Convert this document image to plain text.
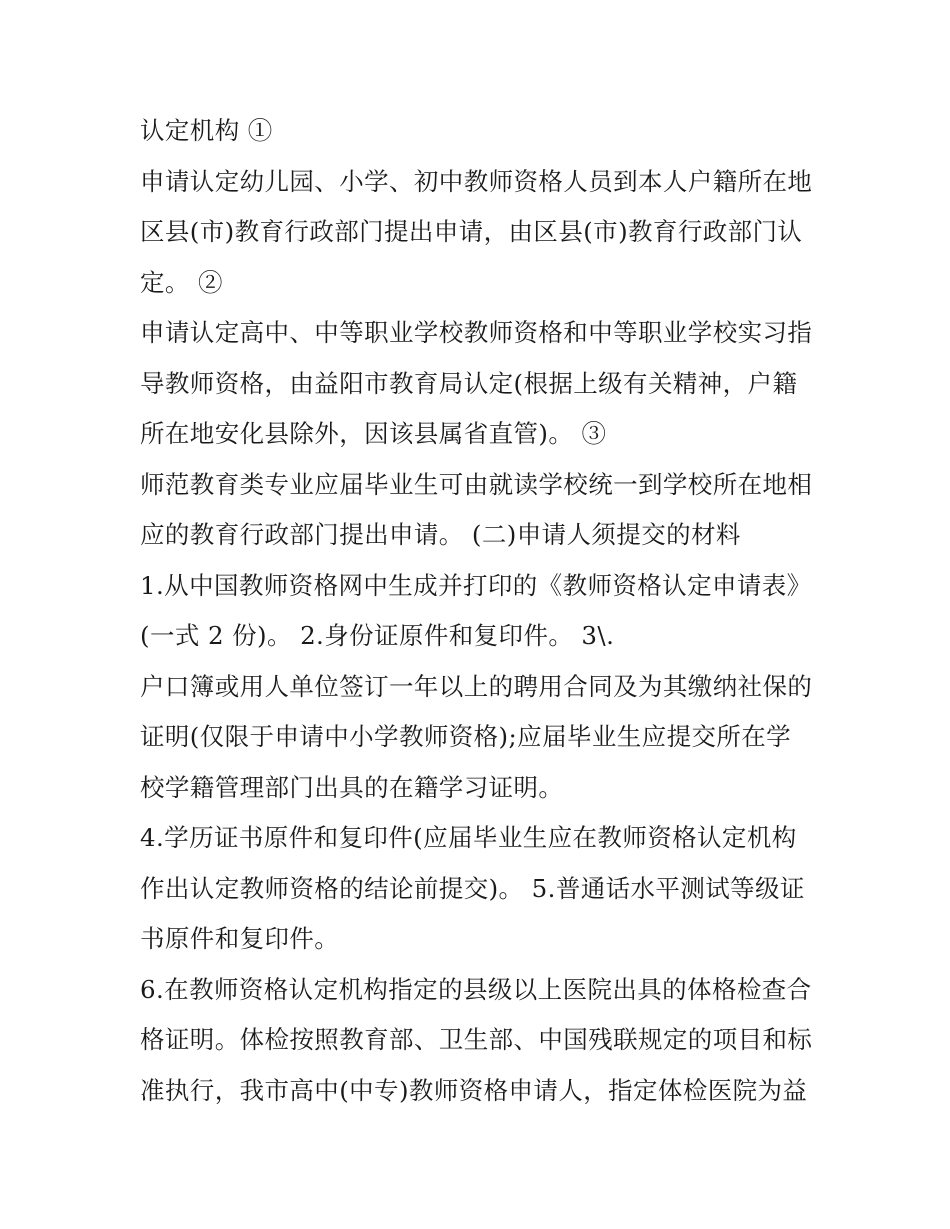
认定机构 ①
申请认定幼儿园、小学、初中教师资格人员到本人户籍所在地
区县(市)教育行政部门提出申请，由区县(市)教育行政部门认
定。 ②
申请认定高中、中等职业学校教师资格和中等职业学校实习指
导教师资格，由益阳市教育局认定(根据上级有关精神，户籍
所在地安化县除外，因该县属省直管)。 ③
师范教育类专业应届毕业生可由就读学校统一到学校所在地相
应的教育行政部门提出申请。 (二)申请人须提交的材料
1.从中国教师资格网中生成并打印的《教师资格认定申请表》
(一式 2 份)。 2.身份证原件和复印件。 3\.
户口簿或用人单位签订一年以上的聘用合同及为其缴纳社保的
证明(仅限于申请中小学教师资格);应届毕业生应提交所在学
校学籍管理部门出具的在籍学习证明。
4.学历证书原件和复印件(应届毕业生应在教师资格认定机构
作出认定教师资格的结论前提交)。 5.普通话水平测试等级证
书原件和复印件。
6.在教师资格认定机构指定的县级以上医院出具的体格检查合
格证明。体检按照教育部、卫生部、中国残联规定的项目和标
准执行，我市高中(中专)教师资格申请人，指定体检医院为益
